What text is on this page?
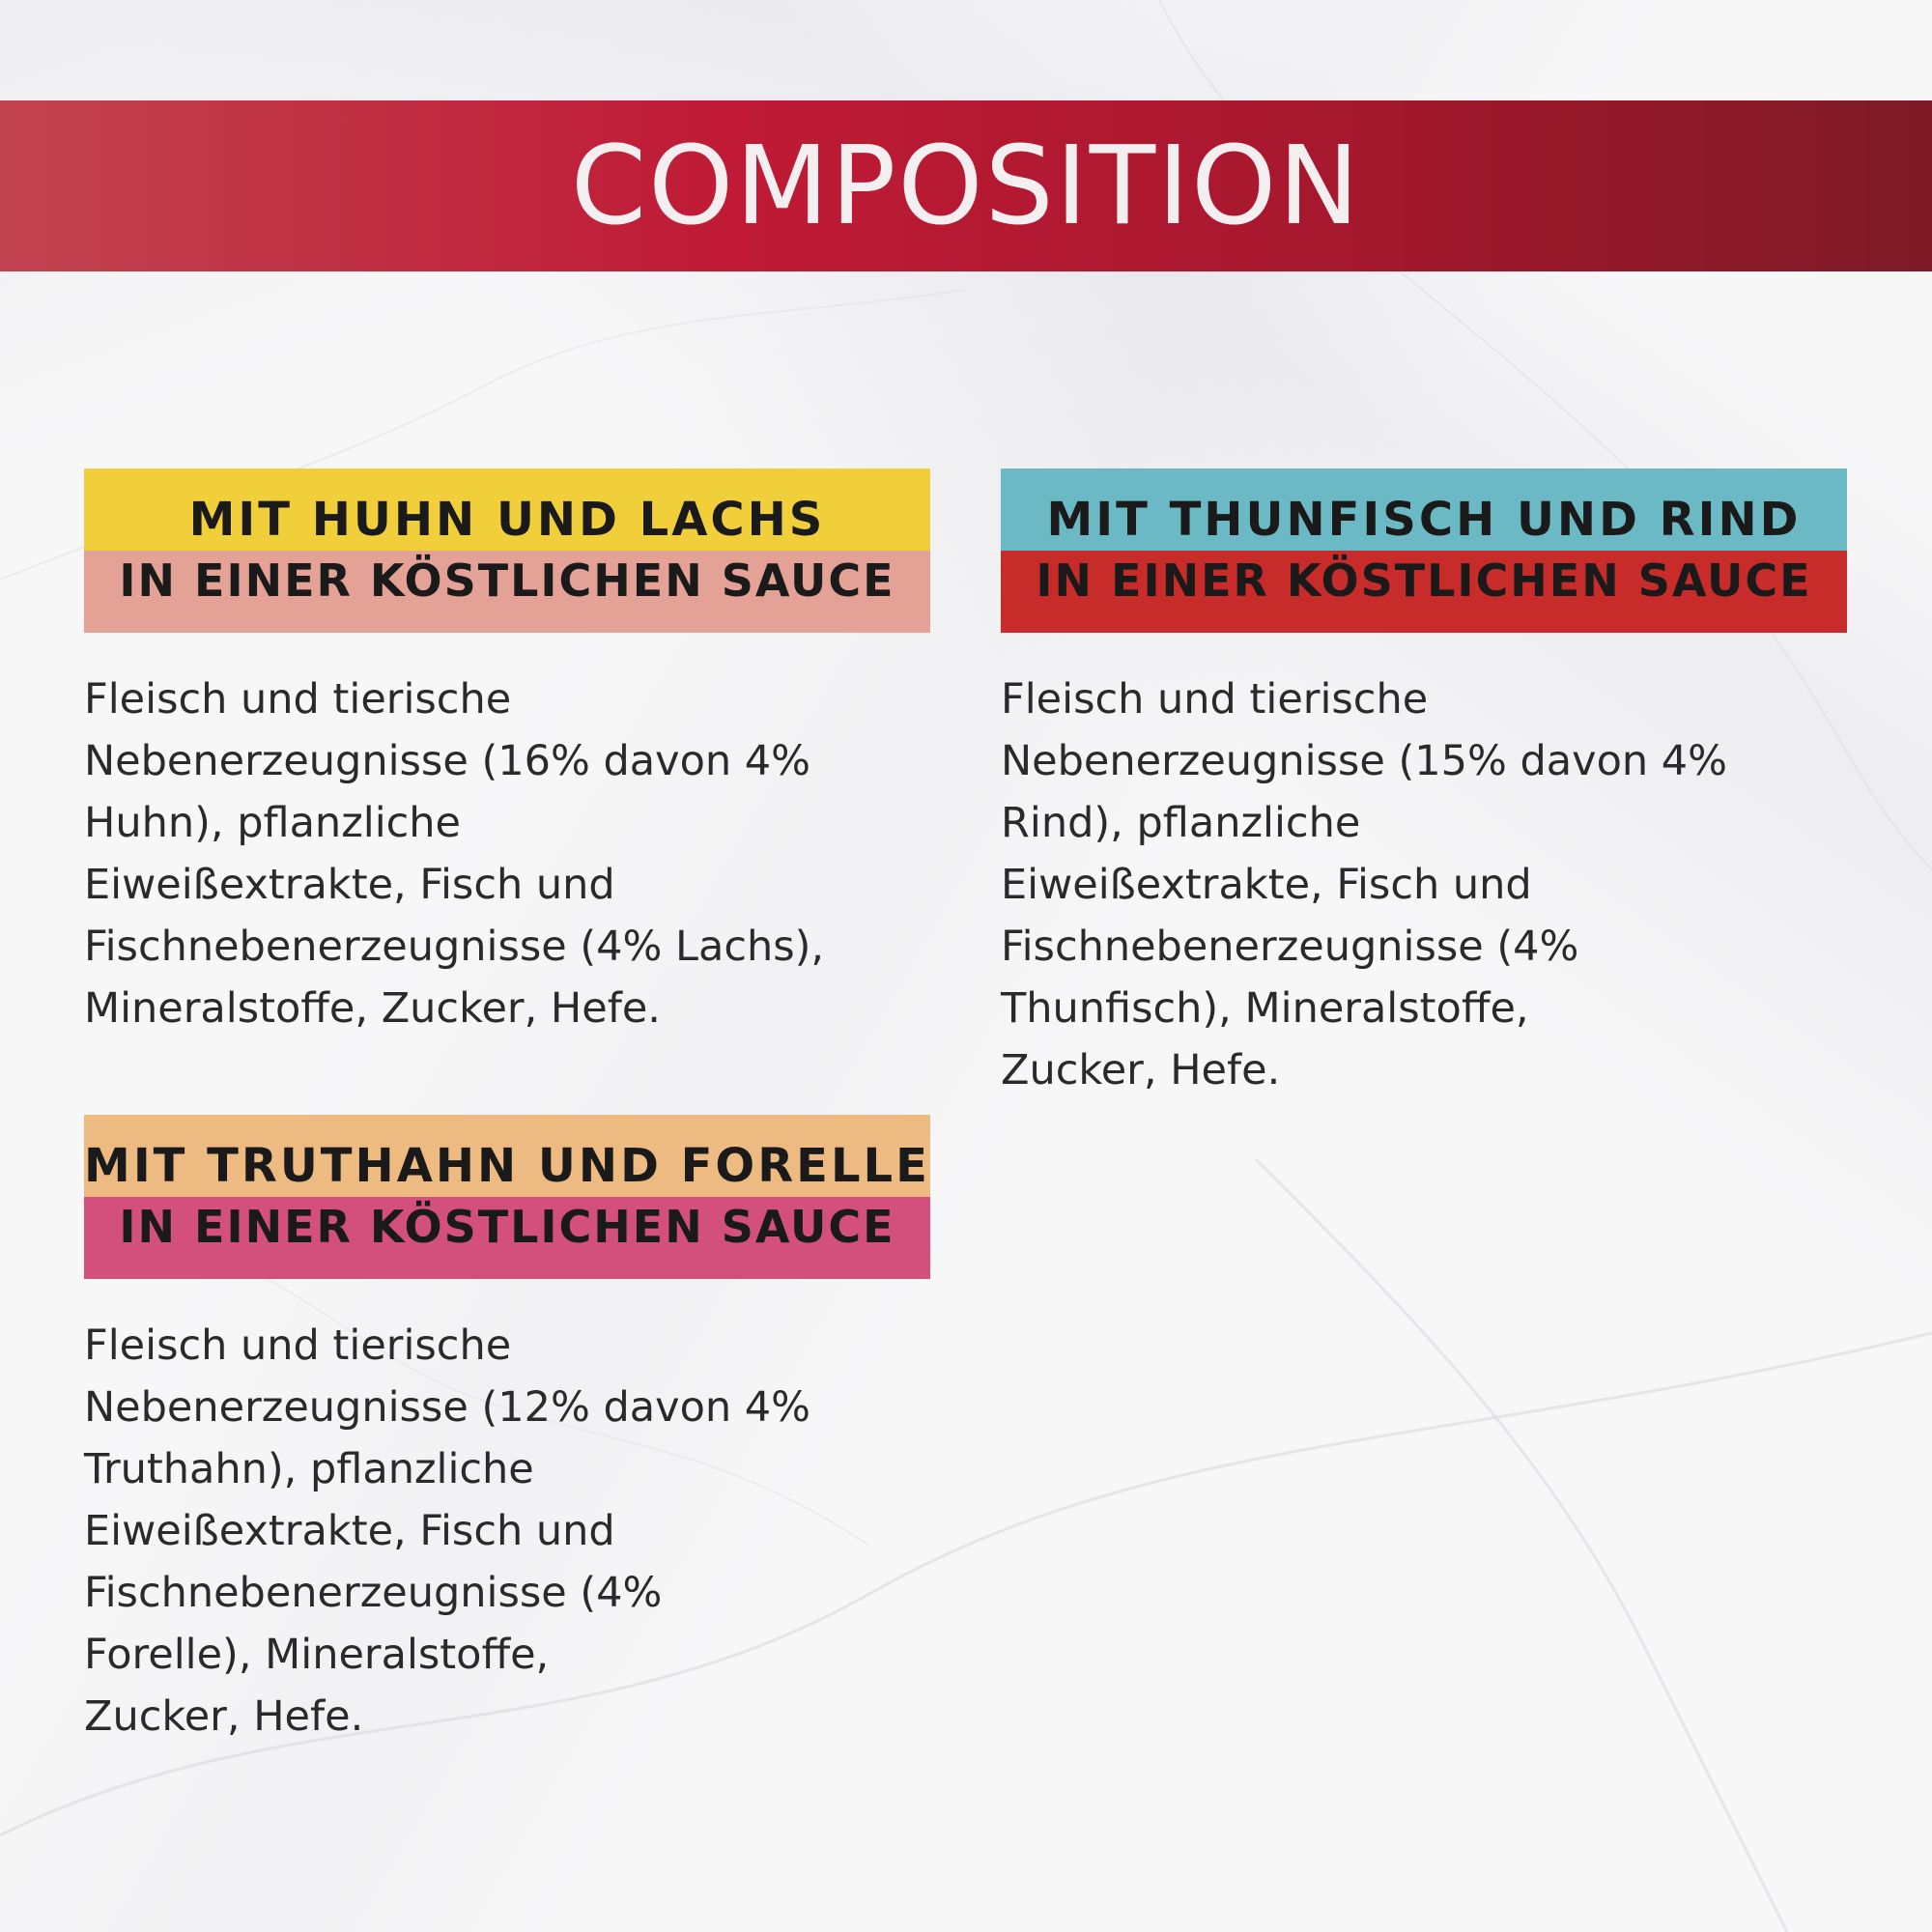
COMPOSITION
MIT HUHN UND LACHS
IN EINER KÖSTLICHEN SAUCE
Fleisch und tierische
Nebenerzeugnisse (16% davon 4%
Huhn), pflanzliche
Eiweißextrakte, Fisch und
Fischnebenerzeugnisse (4% Lachs),
Mineralstoffe, Zucker, Hefe.
MIT THUNFISCH UND RIND
IN EINER KÖSTLICHEN SAUCE
Fleisch und tierische
Nebenerzeugnisse (15% davon 4%
Rind), pflanzliche
Eiweißextrakte, Fisch und
Fischnebenerzeugnisse (4%
Thunfisch), Mineralstoffe,
Zucker, Hefe.
MIT TRUTHAHN UND FORELLE
IN EINER KÖSTLICHEN SAUCE
Fleisch und tierische
Nebenerzeugnisse (12% davon 4%
Truthahn), pflanzliche
Eiweißextrakte, Fisch und
Fischnebenerzeugnisse (4%
Forelle), Mineralstoffe,
Zucker, Hefe.
